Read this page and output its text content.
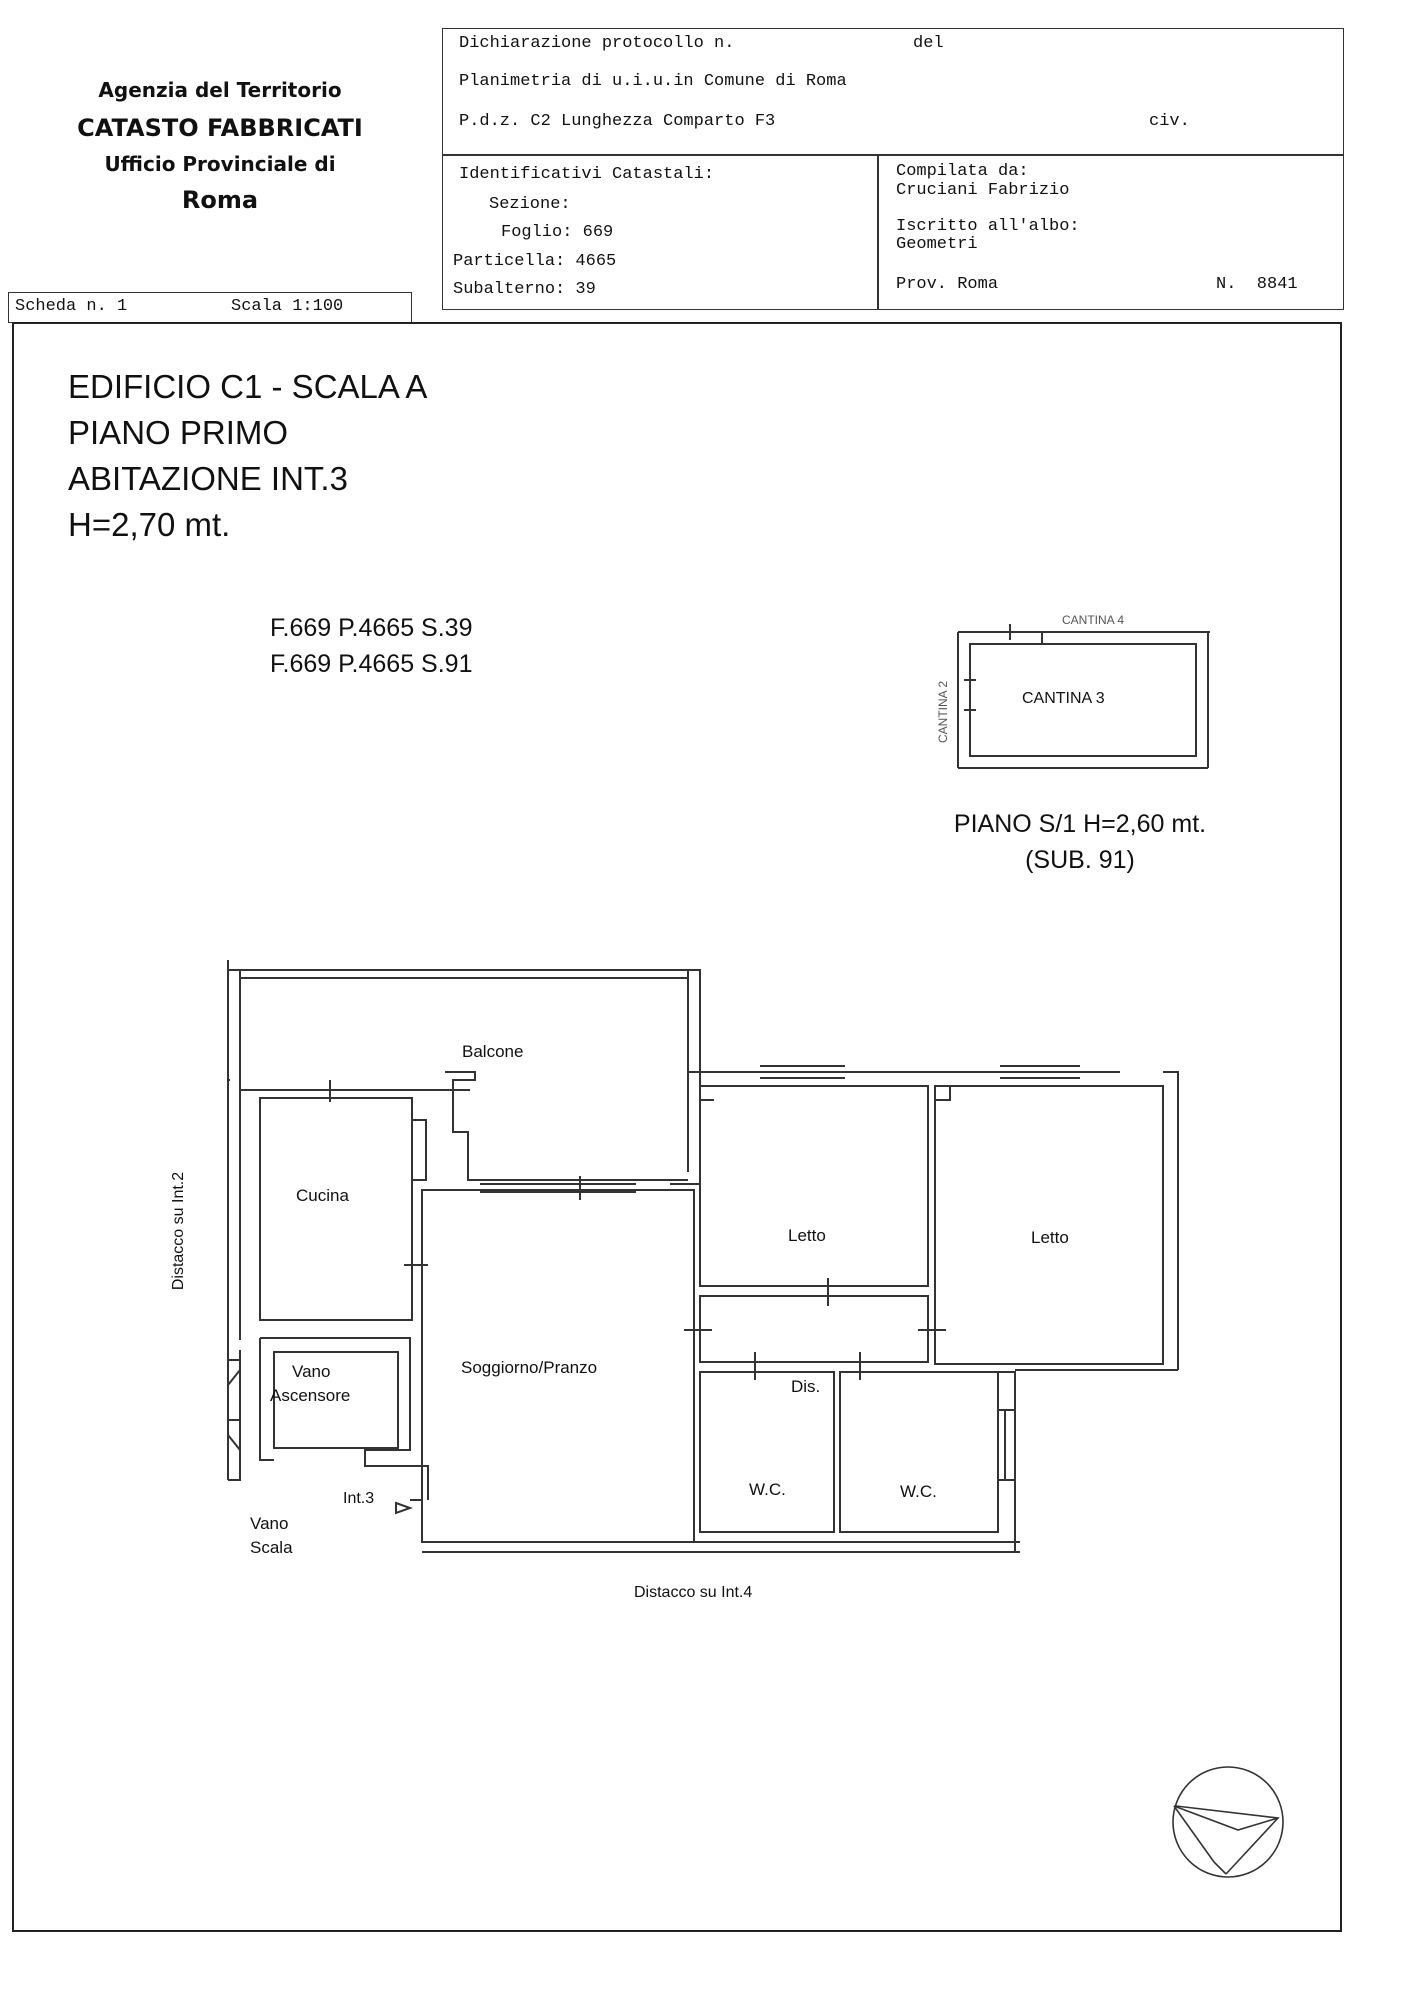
Agenzia del Territorio
CATASTO FABBRICATI
Ufficio Provinciale di
Roma
Scheda n. 1	Scala 1:100
Dichiarazione protocollo n.	del
Planimetria di u.i.u.in Comune di Roma
P.d.z. C2 Lunghezza Comparto F3	civ.
Identificativi Catastali:
Sezione:
Foglio: 669
Particella: 4665
Subalterno: 39
Compilata da:
Cruciani Fabrizio
Iscritto all'albo:
Geometri
Prov. Roma	N.  8841
EDIFICIO C1 - SCALA A
PIANO PRIMO
ABITAZIONE INT.3
H=2,70 mt.
F.669 P.4665 S.39
F.669 P.4665 S.91
CANTINA 4
CANTINA 3
CANTINA 2
PIANO S/1 H=2,60 mt.
(SUB. 91)
Balcone
Cucina
Soggiorno/Pranzo
Letto	Letto
Dis.
W.C.	W.C.
Vano
Ascensore
Vano
Scala
Int.3
Distacco su Int.2
Distacco su Int.4
